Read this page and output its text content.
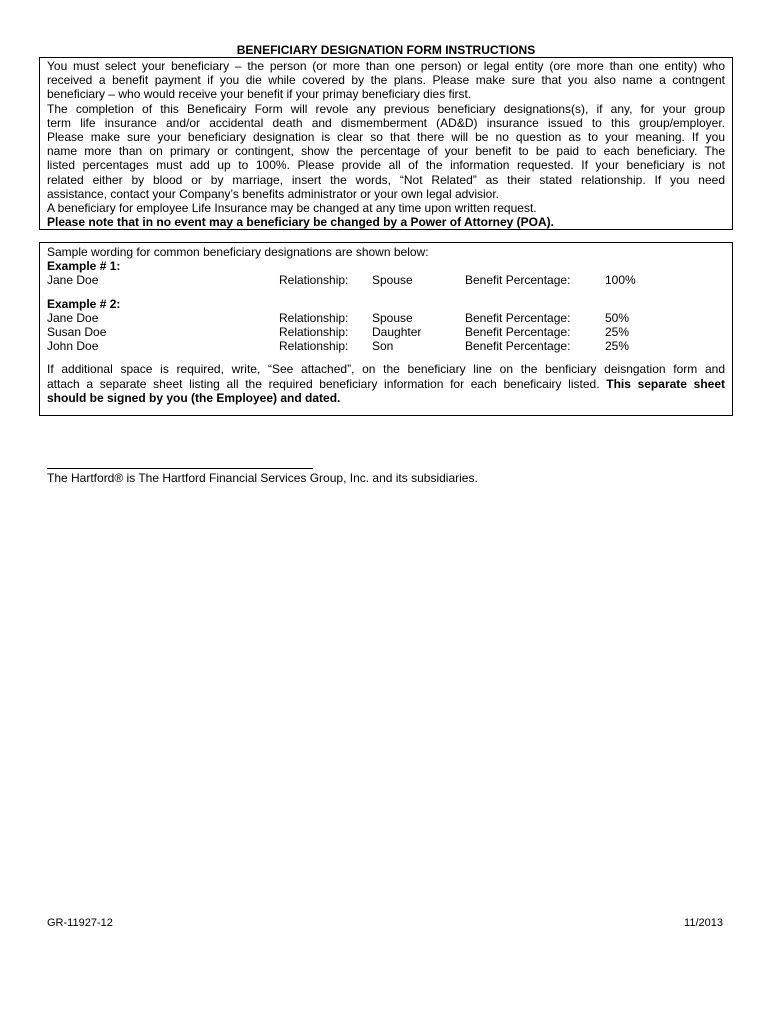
BENEFICIARY DESIGNATION FORM INSTRUCTIONS
You must select your beneficiary – the person (or more than one person) or legal entity (ore more than one entity) who
received a benefit payment if you die while covered by the plans. Please make sure that you also name a contngent
beneficiary – who would receive your benefit if your primay beneficiary dies first.
The completion of this Beneficairy Form will revole any previous beneficiary designations(s), if any, for your group
term life insurance and/or accidental death and dismemberment (AD&D) insurance issued to this group/employer.
Please make sure your beneficiary designation is clear so that there will be no question as to your meaning. If you
name more than on primary or contingent, show the percentage of your benefit to be paid to each beneficiary. The
listed percentages must add up to 100%. Please provide all of the information requested. If your beneficiary is not
related either by blood or by marriage, insert the words, “Not Related” as their stated relationship. If you need
assistance, contact your Company’s benefits administrator or your own legal advisior.
A beneficiary for employee Life Insurance may be changed at any time upon written request.
Please note that in no event may a beneficiary be changed by a Power of Attorney (POA).
Sample wording for common beneficiary designations are shown below:
Example # 1:
Jane Doe	Relationship: Spouse	Benefit Percentage:	100%
Example # 2:
Jane Doe	Relationship: Spouse	Benefit Percentage:	50%
Susan Doe	Relationship: Daughter	Benefit Percentage:	25%
John Doe	Relationship: Son	Benefit Percentage:	25%
If additional space is required, write, “See attached”, on the beneficiary line on the benficiary deisngation form and
attach a separate sheet listing all the required beneficiary information for each beneficairy listed. This separate sheet
should be signed by you (the Employee) and dated.
The Hartford® is The Hartford Financial Services Group, Inc. and its subsidiaries.
GR-11927-12	11/2013
